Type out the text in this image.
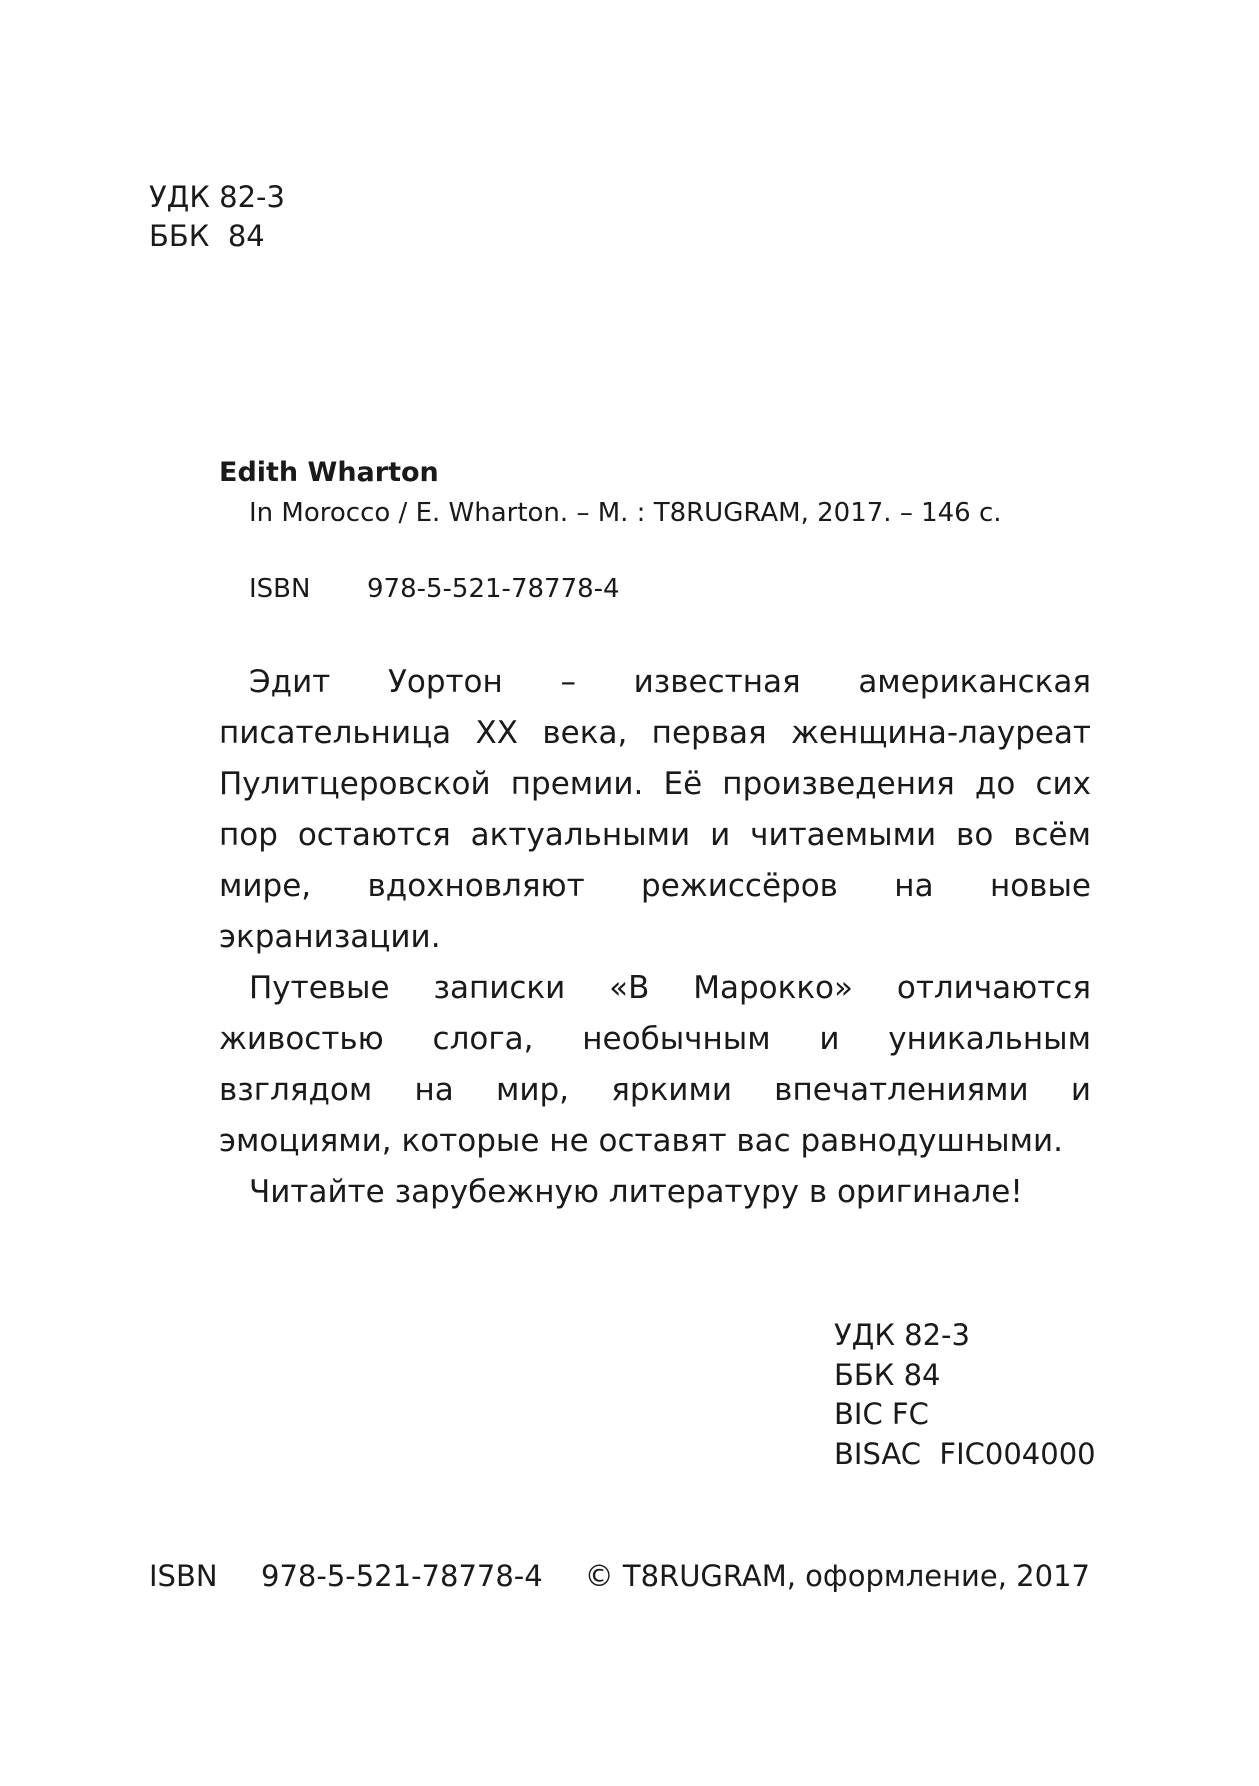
УДК 82-3
ББК  84
Edith Wharton
In Morocco / E. Wharton. – M. : T8RUGRAM, 2017. – 146 с.
ISBN 978-5-521-78778-4

Эдит Уортон – известная американская писательница XX века, первая женщина-лауреат Пулитцеровской премии. Её произведения до сих пор остаются актуальными и читаемыми во всём мире, вдохновляют режиссёров на новые экранизации.

Путевые записки «В Марокко» отличаются живостью слога, необычным и уникальным взглядом на мир, яркими впечатлениями и эмоциями, которые не оставят вас равнодушными.

Читайте зарубежную литературу в оригинале!

УДК 82-3
ББК 84
BIC FC
BISAC  FIC004000
ISBN 978-5-521-78778-4 © T8RUGRAM, оформление, 2017
